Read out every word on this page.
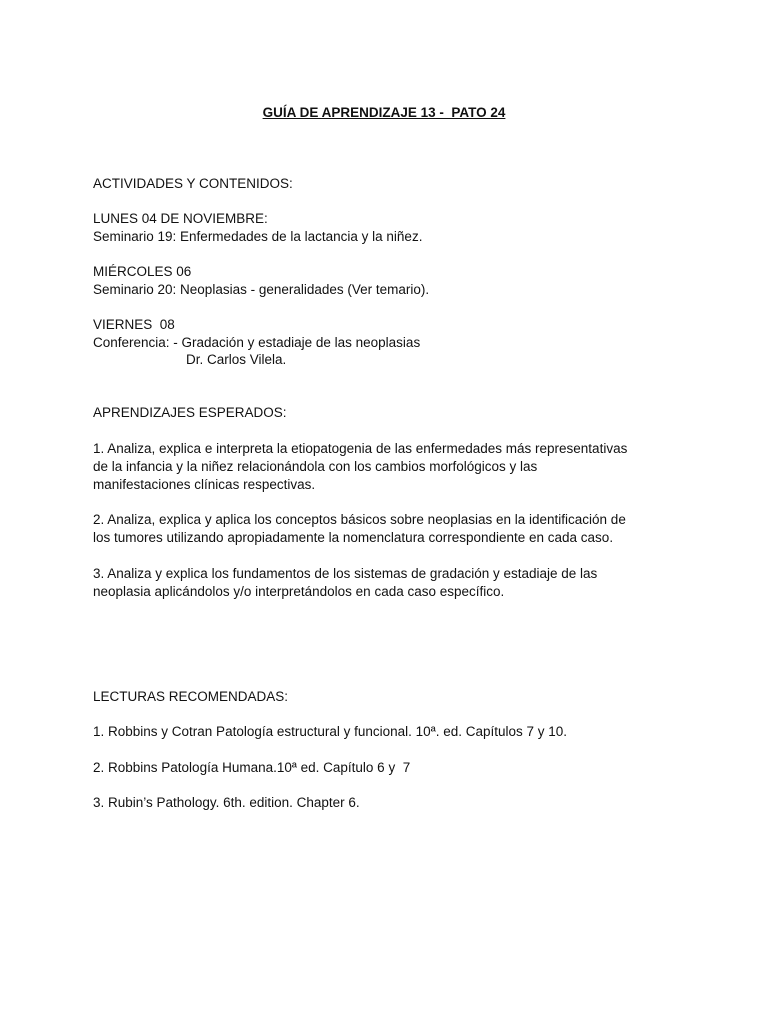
GUÍA DE APRENDIZAJE 13 -  PATO 24
ACTIVIDADES Y CONTENIDOS:
LUNES 04 DE NOVIEMBRE:
Seminario 19: Enfermedades de la lactancia y la niñez.
MIÉRCOLES 06
Seminario 20: Neoplasias - generalidades (Ver temario).
VIERNES  08
Conferencia: - Gradación y estadiaje de las neoplasias
Dr. Carlos Vilela.
APRENDIZAJES ESPERADOS:
1. Analiza, explica e interpreta la etiopatogenia de las enfermedades más representativas
de la infancia y la niñez relacionándola con los cambios morfológicos y las
manifestaciones clínicas respectivas.
2. Analiza, explica y aplica los conceptos básicos sobre neoplasias en la identificación de
los tumores utilizando apropiadamente la nomenclatura correspondiente en cada caso.
3. Analiza y explica los fundamentos de los sistemas de gradación y estadiaje de las
neoplasia aplicándolos y/o interpretándolos en cada caso específico.
LECTURAS RECOMENDADAS:
1. Robbins y Cotran Patología estructural y funcional. 10ª. ed. Capítulos 7 y 10.
2. Robbins Patología Humana.10ª ed. Capítulo 6 y  7
3. Rubin’s Pathology. 6th. edition. Chapter 6.
